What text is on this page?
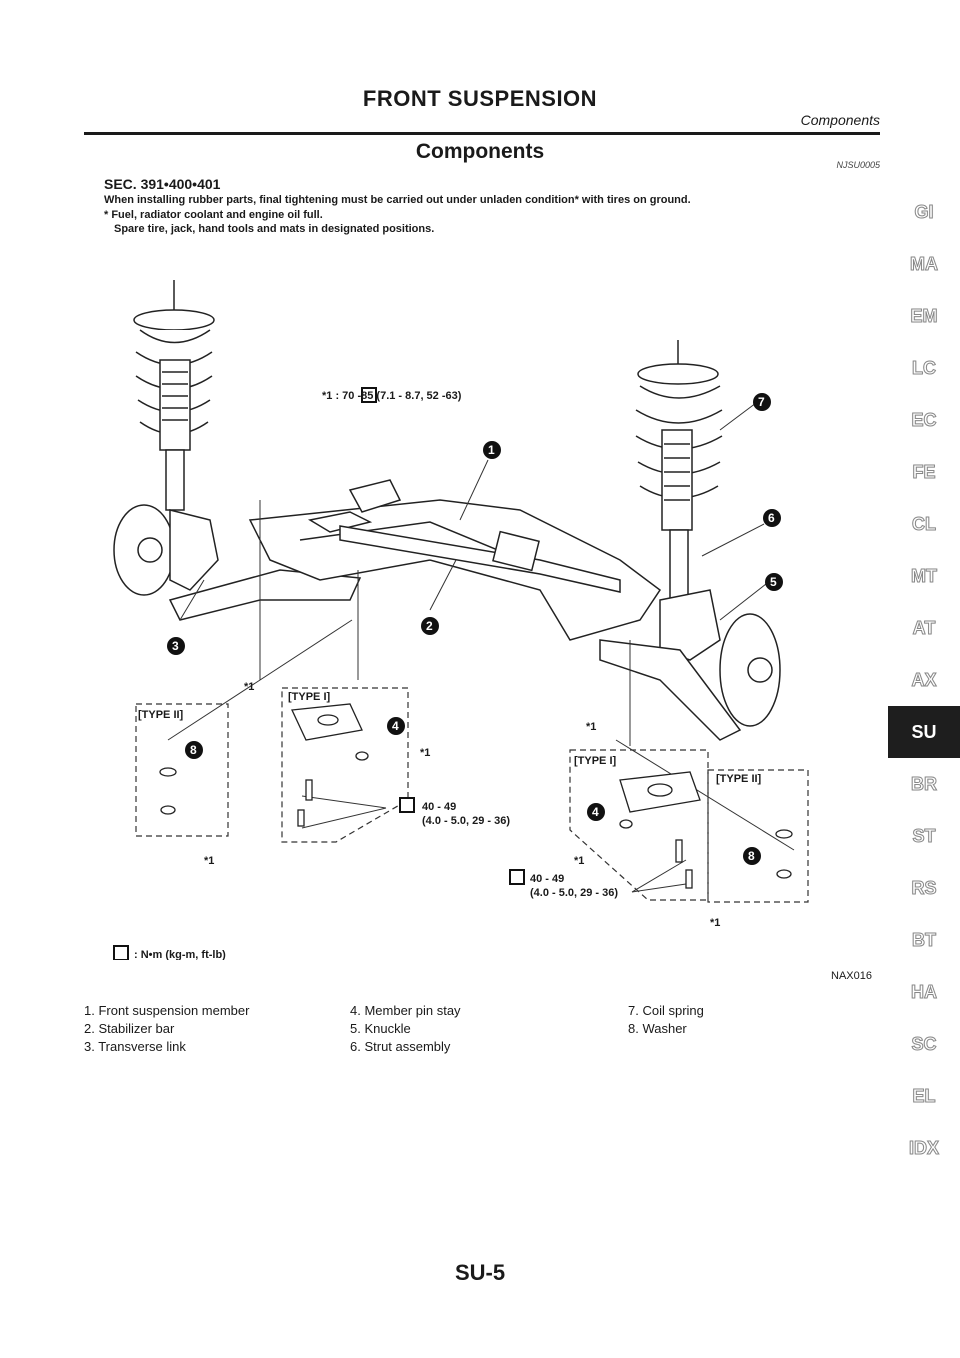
FRONT SUSPENSION
Components
Components
NJSU0005
SEC. 391•400•401
When installing rubber parts, final tightening must be carried out under unladen condition* with tires on ground.
* Fuel, radiator coolant and engine oil full.
Spare tire, jack, hand tools and mats in designated positions.
1
2
3
4
4
5
6
7
8
8
*1 : 70 -85 (7.1 - 8.7, 52 -63)
[TYPE I]
[TYPE II]
[TYPE I]
[TYPE II]
*1
*1
*1
*1	*1
*1
40 - 49
(4.0 - 5.0, 29 - 36)
40 - 49
(4.0 - 5.0, 29 - 36)
: N•m (kg-m, ft-lb)
NAX016
1. Front suspension member
2. Stabilizer bar
3. Transverse link
4. Member pin stay
5. Knuckle
6. Strut assembly
7. Coil spring
8. Washer
GI
MA
EM
LC
EC
FE
CL
MT
AT
AX
SU
BR
ST
RS
BT
HA
SC
EL
IDX
SU-5
